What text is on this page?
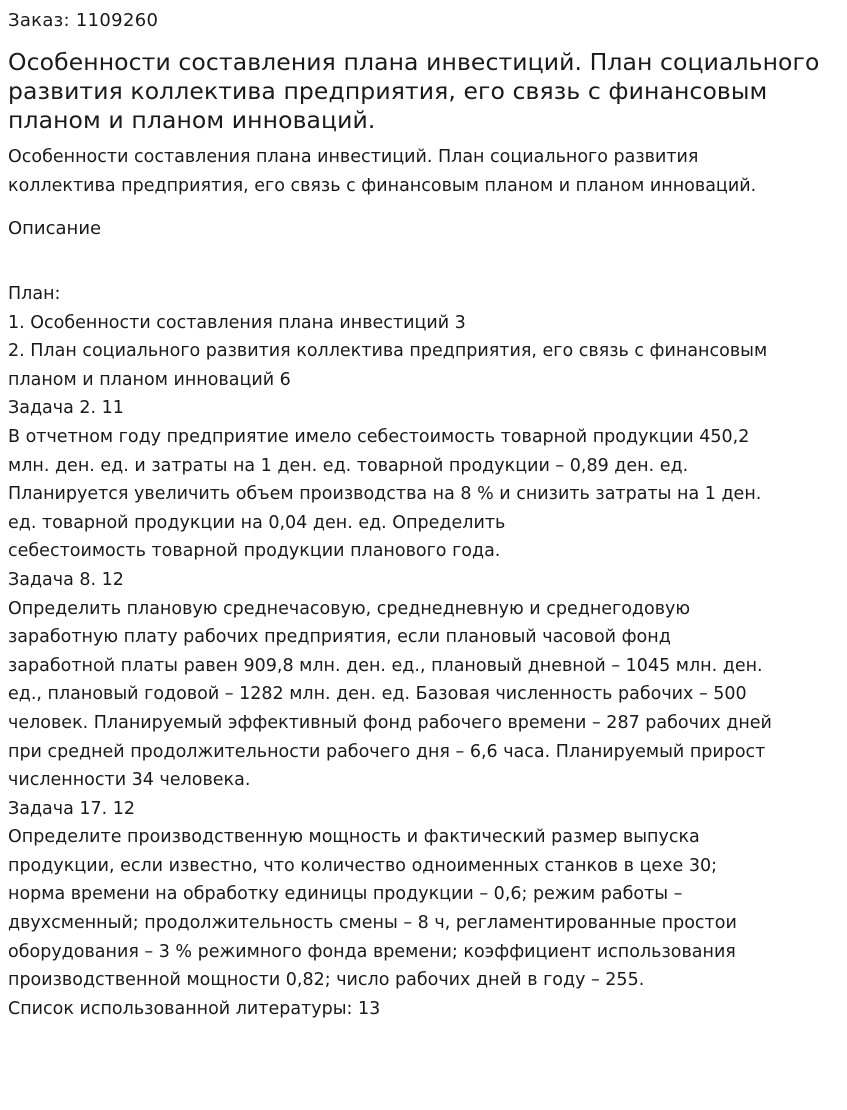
Заказ: 1109260
Особенности составления плана инвестиций. План социального
развития коллектива предприятия, его связь с финансовым
планом и планом инноваций.
Особенности составления плана инвестиций. План социального развития
коллектива предприятия, его связь с финансовым планом и планом инноваций.
Описание
План:
1. Особенности составления плана инвестиций 3
2. План социального развития коллектива предприятия, его связь с финансовым
планом и планом инноваций 6
Задача 2. 11
В отчетном году предприятие имело себестоимость товарной продукции 450,2
млн. ден. ед. и затраты на 1 ден. ед. товарной продукции – 0,89 ден. ед.
Планируется увеличить объем производства на 8 % и снизить затраты на 1 ден.
ед. товарной продукции на 0,04 ден. ед. Определить
себестоимость товарной продукции планового года.
Задача 8. 12
Определить плановую среднечасовую, среднедневную и среднегодовую
заработную плату рабочих предприятия, если плановый часовой фонд
заработной платы равен 909,8 млн. ден. ед., плановый дневной – 1045 млн. ден.
ед., плановый годовой – 1282 млн. ден. ед. Базовая численность рабочих – 500
человек. Планируемый эффективный фонд рабочего времени – 287 рабочих дней
при средней продолжительности рабочего дня – 6,6 часа. Планируемый прирост
численности 34 человека.
Задача 17. 12
Определите производственную мощность и фактический размер выпуска
продукции, если известно, что количество одноименных станков в цехе 30;
норма времени на обработку единицы продукции – 0,6; режим работы –
двухсменный; продолжительность смены – 8 ч, регламентированные простои
оборудования – 3 % режимного фонда времени; коэффициент использования
производственной мощности 0,82; число рабочих дней в году – 255.
Список использованной литературы: 13
